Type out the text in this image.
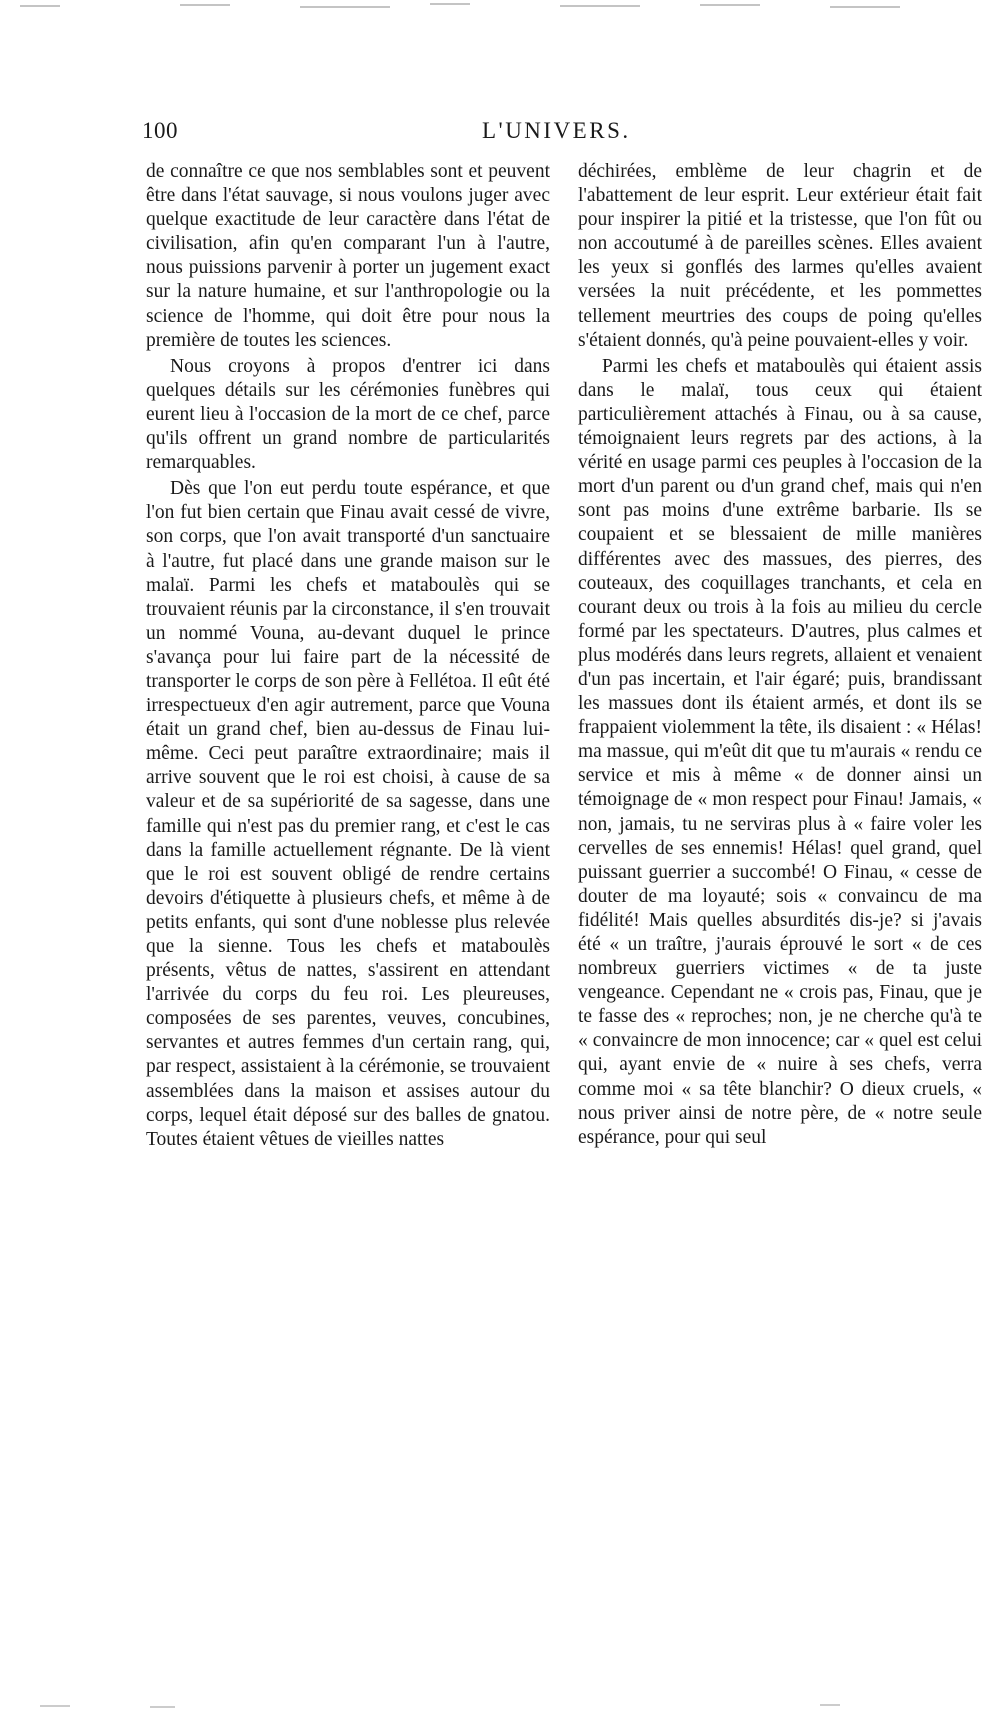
100	L'UNIVERS.

de connaître ce que nos semblables sont et peuvent être dans l'état sauvage, si nous voulons juger avec quelque exactitude de leur caractère dans l'état de civilisation, afin qu'en comparant l'un à l'autre, nous puissions parvenir à porter un jugement exact sur la nature humaine, et sur l'anthropologie ou la science de l'homme, qui doit être pour nous la première de toutes les sciences.

Nous croyons à propos d'entrer ici dans quelques détails sur les cérémonies funèbres qui eurent lieu à l'occasion de la mort de ce chef, parce qu'ils offrent un grand nombre de particularités remarquables.

Dès que l'on eut perdu toute espérance, et que l'on fut bien certain que Finau avait cessé de vivre, son corps, que l'on avait transporté d'un sanctuaire à l'autre, fut placé dans une grande maison sur le malaï. Parmi les chefs et mataboulès qui se trouvaient réunis par la circonstance, il s'en trouvait un nommé Vouna, au-devant duquel le prince s'avança pour lui faire part de la nécessité de transporter le corps de son père à Fellétoa. Il eût été irrespectueux d'en agir autrement, parce que Vouna était un grand chef, bien au-dessus de Finau lui-même. Ceci peut paraître extraordinaire; mais il arrive souvent que le roi est choisi, à cause de sa valeur et de sa supériorité de sa sagesse, dans une famille qui n'est pas du premier rang, et c'est le cas dans la famille actuellement régnante. De là vient que le roi est souvent obligé de rendre certains devoirs d'étiquette à plusieurs chefs, et même à de petits enfants, qui sont d'une noblesse plus relevée que la sienne. Tous les chefs et mataboulès présents, vêtus de nattes, s'assirent en attendant l'arrivée du corps du feu roi. Les pleureuses, composées de ses parentes, veuves, concubines, servantes et autres femmes d'un certain rang, qui, par respect, assistaient à la cérémonie, se trouvaient assemblées dans la maison et assises autour du corps, lequel était déposé sur des balles de gnatou. Toutes étaient vêtues de vieilles nattes

déchirées, emblème de leur chagrin et de l'abattement de leur esprit. Leur extérieur était fait pour inspirer la pitié et la tristesse, que l'on fût ou non accoutumé à de pareilles scènes. Elles avaient les yeux si gonflés des larmes qu'elles avaient versées la nuit précédente, et les pommettes tellement meurtries des coups de poing qu'elles s'étaient donnés, qu'à peine pouvaient-elles y voir.

Parmi les chefs et mataboulès qui étaient assis dans le malaï, tous ceux qui étaient particulièrement attachés à Finau, ou à sa cause, témoignaient leurs regrets par des actions, à la vérité en usage parmi ces peuples à l'occasion de la mort d'un parent ou d'un grand chef, mais qui n'en sont pas moins d'une extrême barbarie. Ils se coupaient et se blessaient de mille manières différentes avec des massues, des pierres, des couteaux, des coquillages tranchants, et cela en courant deux ou trois à la fois au milieu du cercle formé par les spectateurs. D'autres, plus calmes et plus modérés dans leurs regrets, allaient et venaient d'un pas incertain, et l'air égaré; puis, brandissant les massues dont ils étaient armés, et dont ils se frappaient violemment la tête, ils disaient : « Hélas! ma massue, qui m'eût dit que tu m'aurais « rendu ce service et mis à même « de donner ainsi un témoignage de « mon respect pour Finau! Jamais, « non, jamais, tu ne serviras plus à « faire voler les cervelles de ses ennemis! Hélas! quel grand, quel puissant guerrier a succombé! O Finau, « cesse de douter de ma loyauté; sois « convaincu de ma fidélité! Mais quelles absurdités dis-je? si j'avais été « un traître, j'aurais éprouvé le sort « de ces nombreux guerriers victimes « de ta juste vengeance. Cependant ne « crois pas, Finau, que je te fasse des « reproches; non, je ne cherche qu'à te « convaincre de mon innocence; car « quel est celui qui, ayant envie de « nuire à ses chefs, verra comme moi « sa tête blanchir? O dieux cruels, « nous priver ainsi de notre père, de « notre seule espérance, pour qui seul
